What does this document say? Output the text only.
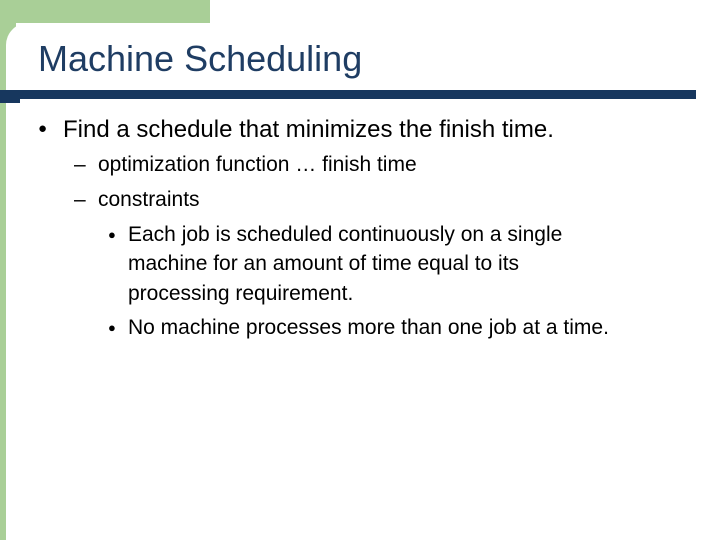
Machine Scheduling
● Find a schedule that minimizes the finish time.
– optimization function … finish time
– constraints
● Each job is scheduled continuously on a single
machine for an amount of time equal to its
processing requirement.
● No machine processes more than one job at a time.
